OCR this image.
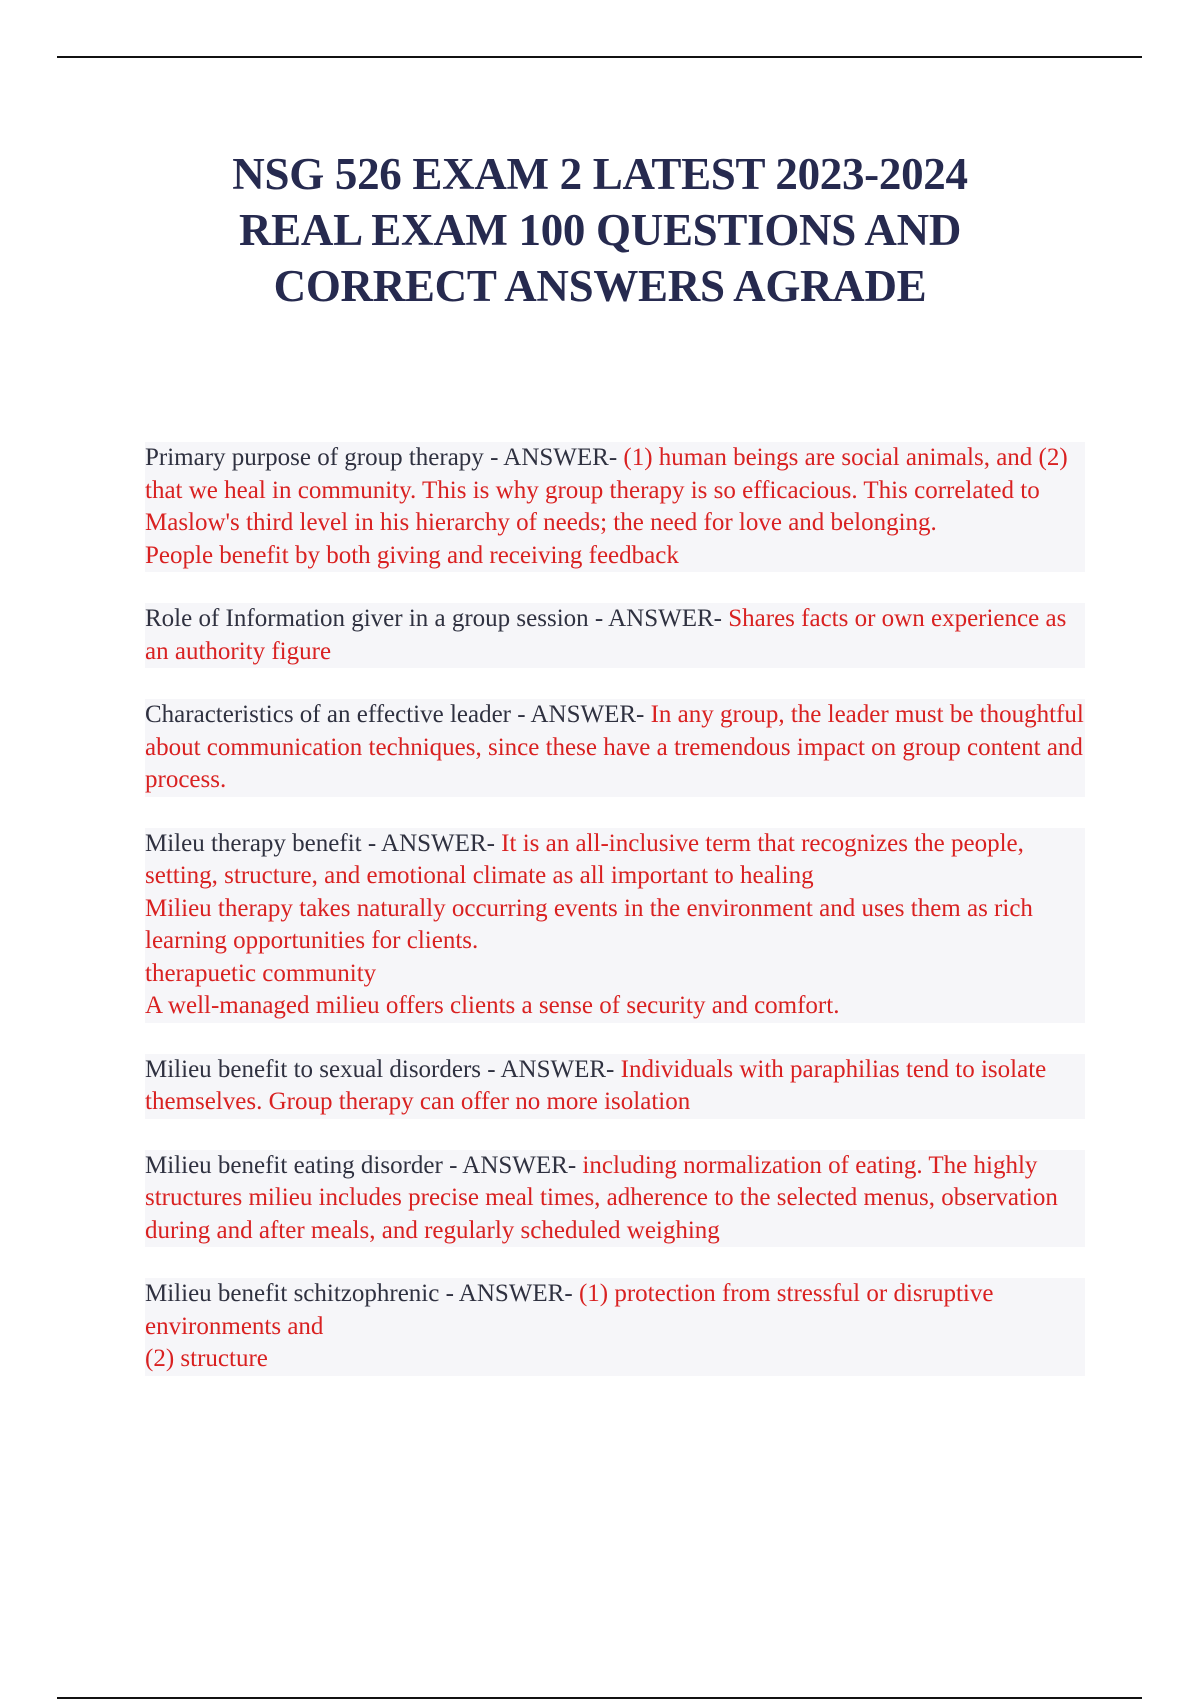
NSG 526 EXAM 2 LATEST 2023-2024
REAL EXAM 100 QUESTIONS AND
CORRECT ANSWERS AGRADE
Primary purpose of group therapy - ANSWER- (1) human beings are social animals, and (2) that we heal in community. This is why group therapy is so efficacious. This correlated to Maslow's third level in his hierarchy of needs; the need for love and belonging.
People benefit by both giving and receiving feedback
Role of Information giver in a group session - ANSWER- Shares facts or own experience as an authority figure
Characteristics of an effective leader - ANSWER- In any group, the leader must be thoughtful about communication techniques, since these have a tremendous impact on group content and process.
Mileu therapy benefit - ANSWER- It is an all-inclusive term that recognizes the people, setting, structure, and emotional climate as all important to healing
Milieu therapy takes naturally occurring events in the environment and uses them as rich learning opportunities for clients.
therapuetic community
A well-managed milieu offers clients a sense of security and comfort.
Milieu benefit to sexual disorders - ANSWER- Individuals with paraphilias tend to isolate themselves. Group therapy can offer no more isolation
Milieu benefit eating disorder - ANSWER- including normalization of eating. The highly structures milieu includes precise meal times, adherence to the selected menus, observation during and after meals, and regularly scheduled weighing
Milieu benefit schitzophrenic - ANSWER- (1) protection from stressful or disruptive environments and
(2) structure
